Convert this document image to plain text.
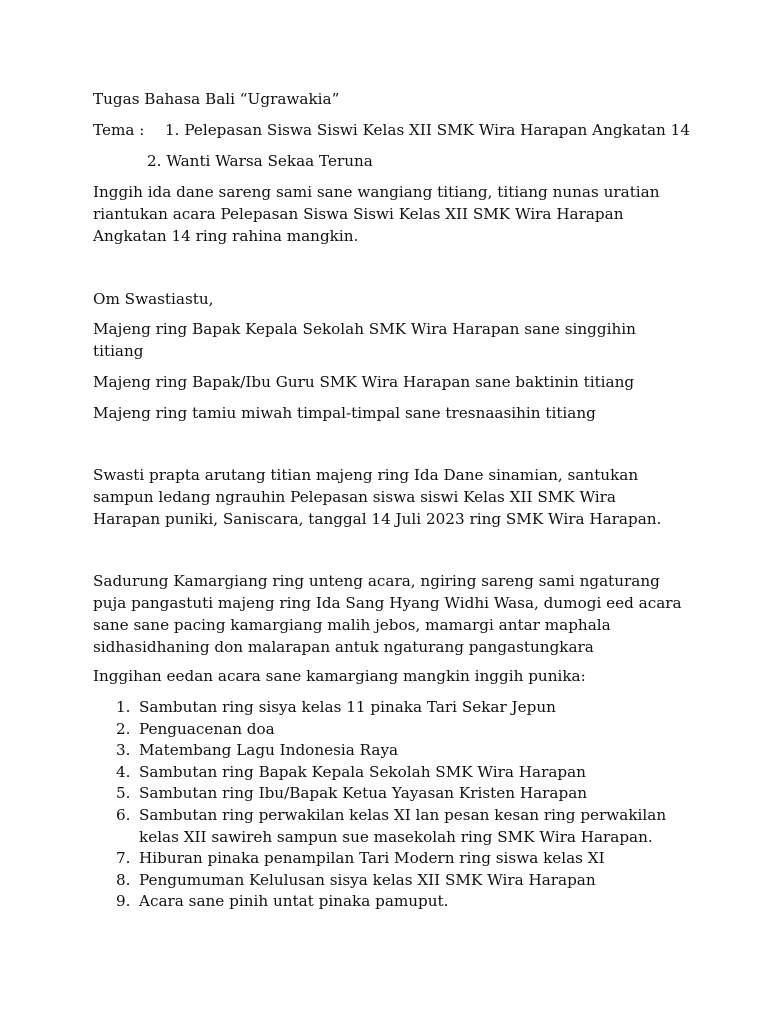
Tugas Bahasa Bali “Ugrawakia”
Tema : 1. Pelepasan Siswa Siswi Kelas XII SMK Wira Harapan Angkatan 14
2. Wanti Warsa Sekaa Teruna
Inggih ida dane sareng sami sane wangiang titiang, titiang nunas uratian riantukan acara Pelepasan Siswa Siswi Kelas XII SMK Wira Harapan Angkatan 14 ring rahina mangkin.
Om Swastiastu,
Majeng ring Bapak Kepala Sekolah SMK Wira Harapan sane singgihin titiang
Majeng ring Bapak/Ibu Guru SMK Wira Harapan sane baktinin titiang
Majeng ring tamiu miwah timpal-timpal sane tresnaasihin titiang
Swasti prapta arutang titian majeng ring Ida Dane sinamian, santukan sampun ledang ngrauhin Pelepasan siswa siswi Kelas XII SMK Wira Harapan puniki, Saniscara, tanggal 14 Juli 2023 ring SMK Wira Harapan.
Sadurung Kamargiang ring unteng acara, ngiring sareng sami ngaturang puja pangastuti majeng ring Ida Sang Hyang Widhi Wasa, dumogi eed acara sane sane pacing kamargiang malih jebos, mamargi antar maphala sidhasidhaning don malarapan antuk ngaturang pangastungkara
Inggihan eedan acara sane kamargiang mangkin inggih punika:
1. Sambutan ring sisya kelas 11 pinaka Tari Sekar Jepun
2. Penguacenan doa
3. Matembang Lagu Indonesia Raya
4. Sambutan ring Bapak Kepala Sekolah SMK Wira Harapan
5. Sambutan ring Ibu/Bapak Ketua Yayasan Kristen Harapan
6. Sambutan ring perwakilan kelas XI lan pesan kesan ring perwakilan kelas XII sawireh sampun sue masekolah ring SMK Wira Harapan.
7. Hiburan pinaka penampilan Tari Modern ring siswa kelas XI
8. Pengumuman Kelulusan sisya kelas XII SMK Wira Harapan
9. Acara sane pinih untat pinaka pamuput.
